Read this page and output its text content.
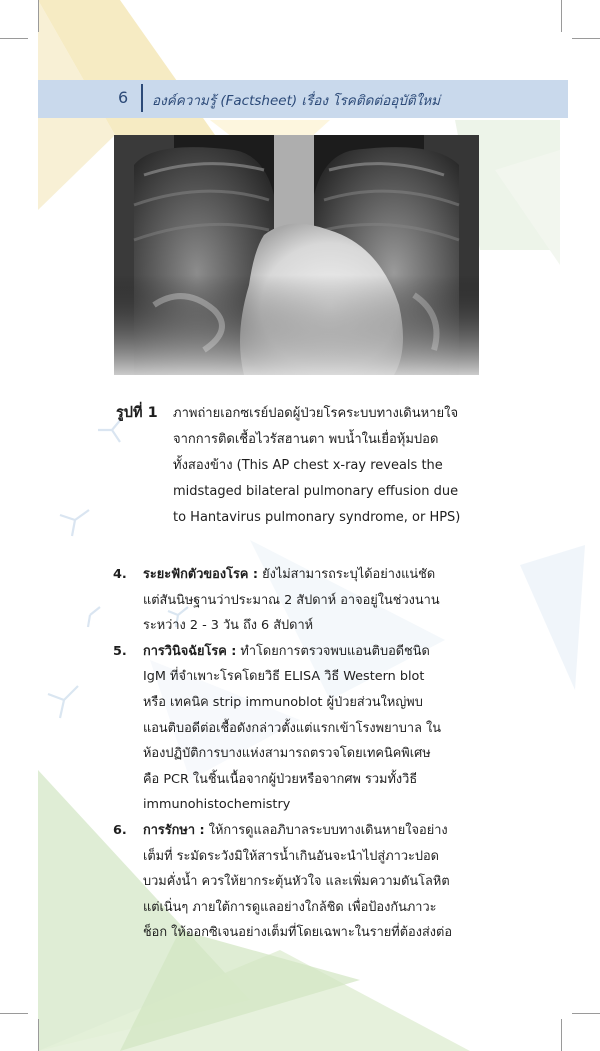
6 องค์ความรู้ (Factsheet) เรื่อง โรคติดต่ออุบัติใหม่
รูปที่ 1 ภาพถ่ายเอกซเรย์ปอดผู้ป่วยโรคระบบทางเดินหายใจ
จากการติดเชื้อไวรัสฮานตา พบน้ำในเยื่อหุ้มปอด
ทั้งสองข้าง (This AP chest x-ray reveals the
midstaged bilateral pulmonary effusion due
to Hantavirus pulmonary syndrome, or HPS)
4. ระยะฟักตัวของโรค : ยังไม่สามารถระบุได้อย่างแน่ชัด
แต่สันนิษฐานว่าประมาณ 2 สัปดาห์ อาจอยู่ในช่วงนาน
ระหว่าง 2 - 3 วัน ถึง 6 สัปดาห์
5. การวินิจฉัยโรค : ทำโดยการตรวจพบแอนติบอดีชนิด
IgM ที่จำเพาะโรคโดยวิธี ELISA วิธี Western blot
หรือ เทคนิค strip immunoblot ผู้ป่วยส่วนใหญ่พบ
แอนติบอดีต่อเชื้อดังกล่าวตั้งแต่แรกเข้าโรงพยาบาล ใน
ห้องปฏิบัติการบางแห่งสามารถตรวจโดยเทคนิคพิเศษ
คือ PCR ในชิ้นเนื้อจากผู้ป่วยหรือจากศพ รวมทั้งวิธี
immunohistochemistry
6. การรักษา : ให้การดูแลอภิบาลระบบทางเดินหายใจอย่าง
เต็มที่ ระมัดระวังมิให้สารน้ำเกินอันจะนำไปสู่ภาวะปอด
บวมคั่งน้ำ ควรให้ยากระตุ้นหัวใจ และเพิ่มความดันโลหิต
แต่เนิ่นๆ ภายใต้การดูแลอย่างใกล้ชิด เพื่อป้องกันภาวะ
ช็อก ให้ออกซิเจนอย่างเต็มที่โดยเฉพาะในรายที่ต้องส่งต่อ
